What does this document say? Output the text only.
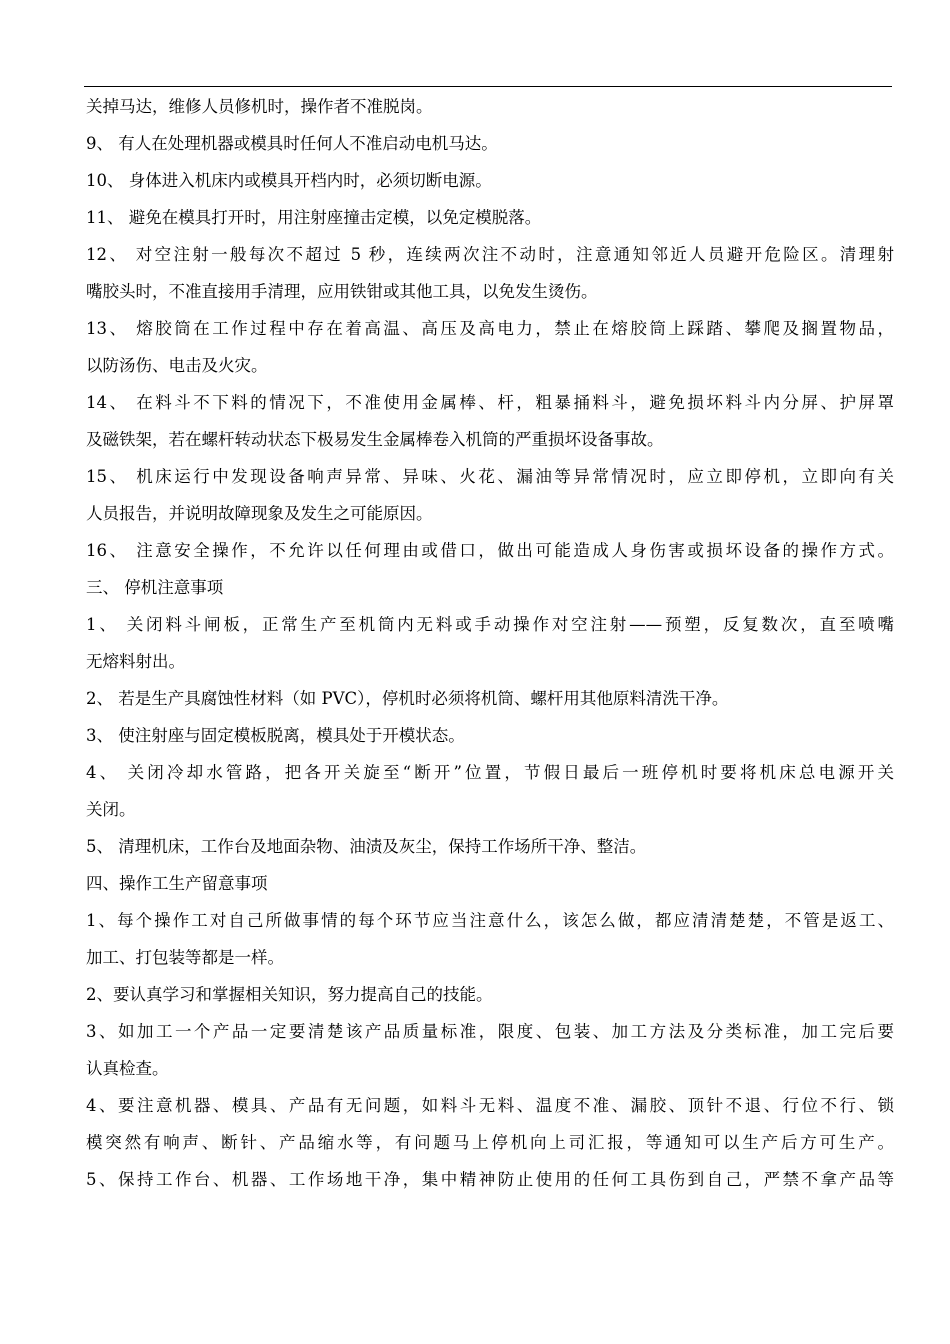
关掉马达，维修人员修机时，操作者不准脱岗。
9、 有人在处理机器或模具时任何人不准启动电机马达。
10、 身体进入机床内或模具开档内时，必须切断电源。
11、 避免在模具打开时，用注射座撞击定模，以免定模脱落。
12、 对空注射一般每次不超过 5 秒，连续两次注不动时，注意通知邻近人员避开危险区。清理射
嘴胶头时，不准直接用手清理，应用铁钳或其他工具，以免发生烫伤。
13、 熔胶筒在工作过程中存在着高温、高压及高电力，禁止在熔胶筒上踩踏、攀爬及搁置物品，
以防汤伤、电击及火灾。
14、 在料斗不下料的情况下，不准使用金属棒、杆，粗暴捅料斗，避免损坏料斗内分屏、护屏罩
及磁铁架，若在螺杆转动状态下极易发生金属棒卷入机筒的严重损坏设备事故。
15、 机床运行中发现设备响声异常、异味、火花、漏油等异常情况时，应立即停机，立即向有关
人员报告，并说明故障现象及发生之可能原因。
16、 注意安全操作，不允许以任何理由或借口，做出可能造成人身伤害或损坏设备的操作方式。
三、 停机注意事项
1、 关闭料斗闸板，正常生产至机筒内无料或手动操作对空注射——预塑，反复数次，直至喷嘴
无熔料射出。
2、 若是生产具腐蚀性材料（如 PVC），停机时必须将机筒、螺杆用其他原料清洗干净。
3、 使注射座与固定模板脱离，模具处于开模状态。
4、 关闭冷却水管路，把各开关旋至“断开”位置，节假日最后一班停机时要将机床总电源开关
关闭。
5、 清理机床，工作台及地面杂物、油渍及灰尘，保持工作场所干净、整洁。
四、操作工生产留意事项
1、每个操作工对自己所做事情的每个环节应当注意什么，该怎么做，都应清清楚楚，不管是返工、
加工、打包装等都是一样。
2、要认真学习和掌握相关知识，努力提高自己的技能。
3、如加工一个产品一定要清楚该产品质量标准，限度、包装、加工方法及分类标准，加工完后要
认真检查。
4、要注意机器、模具、产品有无问题，如料斗无料、温度不准、漏胶、顶针不退、行位不行、锁
模突然有响声、断针、产品缩水等，有问题马上停机向上司汇报，等通知可以生产后方可生产。
5、保持工作台、机器、工作场地干净，集中精神防止使用的任何工具伤到自己，严禁不拿产品等
